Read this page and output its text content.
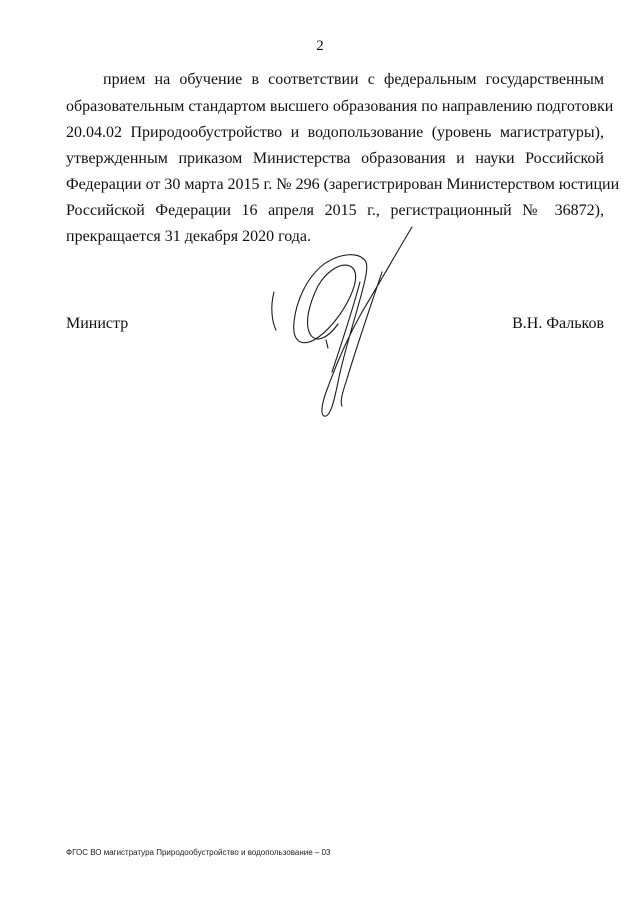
2
прием на обучение в соответствии с федеральным государственным
образовательным стандартом высшего образования по направлению подготовки
20.04.02 Природообустройство и водопользование (уровень магистратуры),
утвержденным приказом Министерства образования и науки Российской
Федерации от 30 марта 2015 г. № 296 (зарегистрирован Министерством юстиции
Российской Федерации 16 апреля 2015 г., регистрационный № 36872),
прекращается 31 декабря 2020 года.
Министр	В.Н. Фальков
ФГОС ВО магистратура Природообустройство и водопользование – 03
